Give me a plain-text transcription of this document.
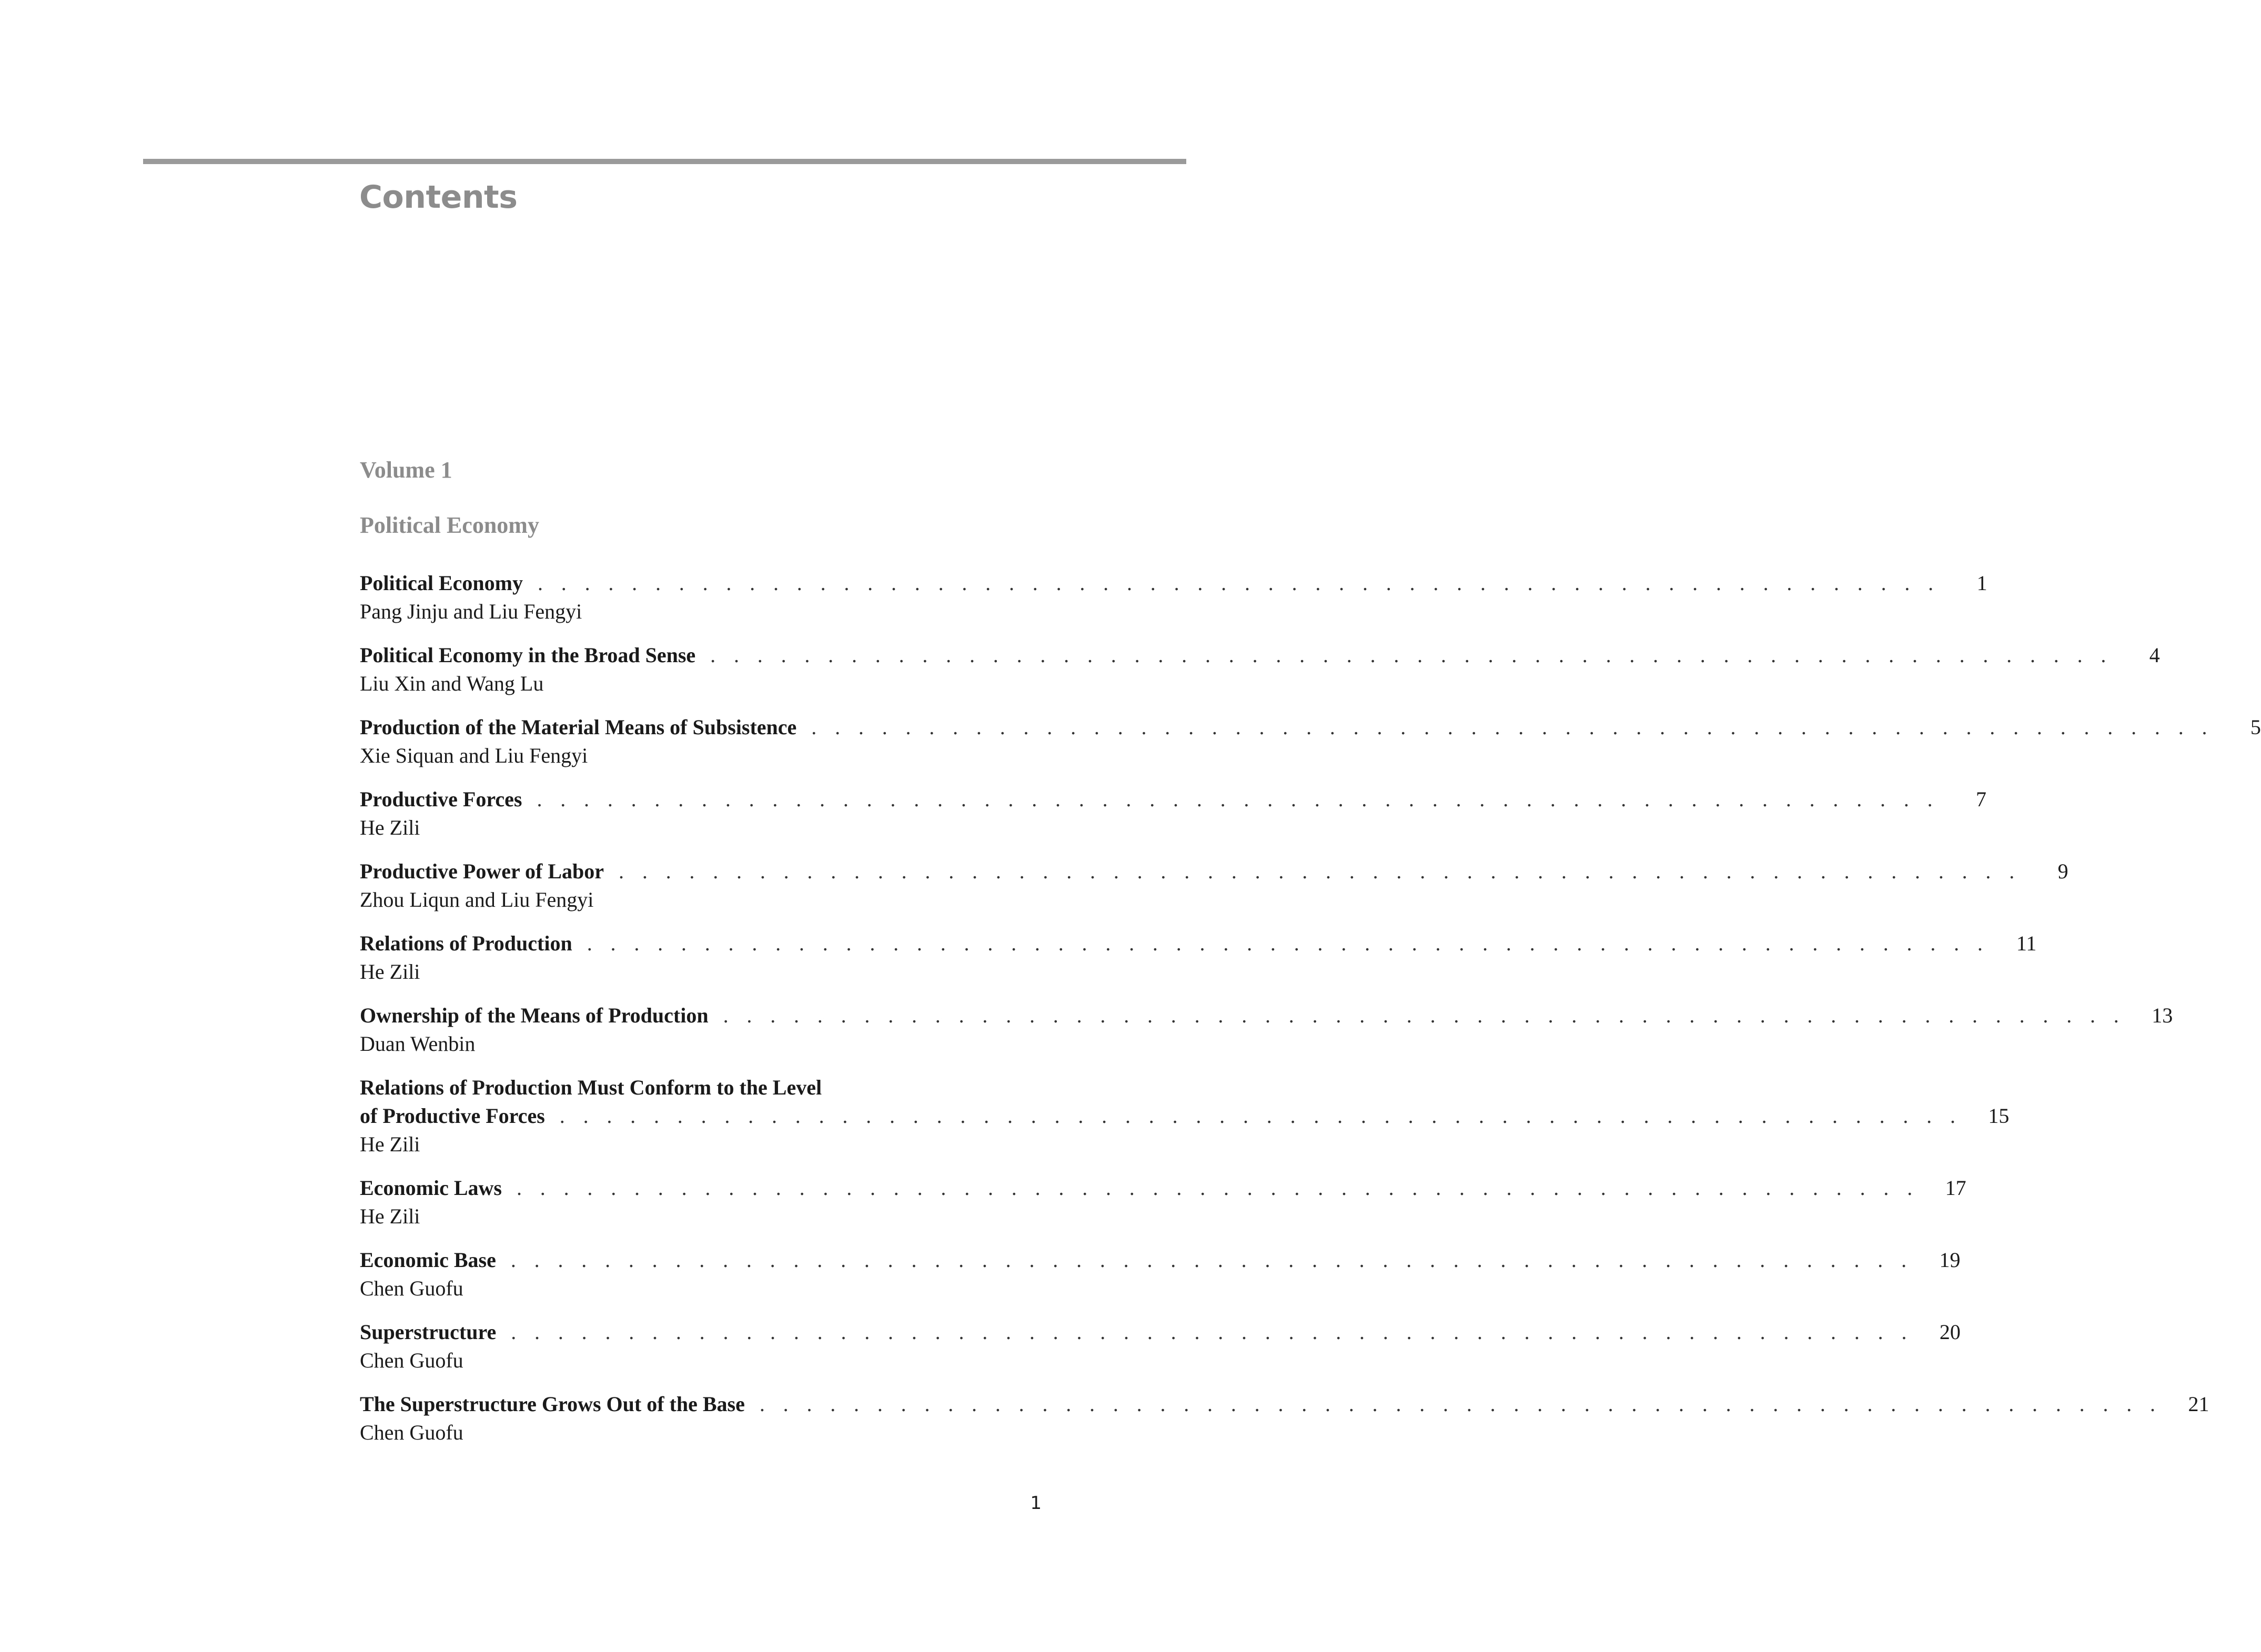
Contents
Volume 1
Political Economy
Political Economy . . . . . . . . . . . . . . . . . . . . . . . . . . . . . . . . . . . . . . . . . . . . . . . . . . . . . . . . . . . .	1
Pang Jinju and Liu Fengyi
Political Economy in the Broad Sense . . . . . . . . . . . . . . . . . . . . . . . . . . . . . . . . . . . . . . . . . . . . . . . . . . . . . . . . . . . .	4
Liu Xin and Wang Lu
Production of the Material Means of Subsistence . . . . . . . . . . . . . . . . . . . . . . . . . . . . . . . . . . . . . . . . . . . . . . . . . . . . . . . . . . . .	5
Xie Siquan and Liu Fengyi
Productive Forces . . . . . . . . . . . . . . . . . . . . . . . . . . . . . . . . . . . . . . . . . . . . . . . . . . . . . . . . . . . .	7
He Zili
Productive Power of Labor . . . . . . . . . . . . . . . . . . . . . . . . . . . . . . . . . . . . . . . . . . . . . . . . . . . . . . . . . . . .	9
Zhou Liqun and Liu Fengyi
Relations of Production . . . . . . . . . . . . . . . . . . . . . . . . . . . . . . . . . . . . . . . . . . . . . . . . . . . . . . . . . . . .	11
He Zili
Ownership of the Means of Production . . . . . . . . . . . . . . . . . . . . . . . . . . . . . . . . . . . . . . . . . . . . . . . . . . . . . . . . . . . .	13
Duan Wenbin
Relations of Production Must Conform to the Level
of Productive Forces . . . . . . . . . . . . . . . . . . . . . . . . . . . . . . . . . . . . . . . . . . . . . . . . . . . . . . . . . . . .	15
He Zili
Economic Laws . . . . . . . . . . . . . . . . . . . . . . . . . . . . . . . . . . . . . . . . . . . . . . . . . . . . . . . . . . . .	17
He Zili
Economic Base . . . . . . . . . . . . . . . . . . . . . . . . . . . . . . . . . . . . . . . . . . . . . . . . . . . . . . . . . . . .	19
Chen Guofu
Superstructure . . . . . . . . . . . . . . . . . . . . . . . . . . . . . . . . . . . . . . . . . . . . . . . . . . . . . . . . . . . .	20
Chen Guofu
The Superstructure Grows Out of the Base . . . . . . . . . . . . . . . . . . . . . . . . . . . . . . . . . . . . . . . . . . . . . . . . . . . . . . . . . . . .	21
Chen Guofu
1
